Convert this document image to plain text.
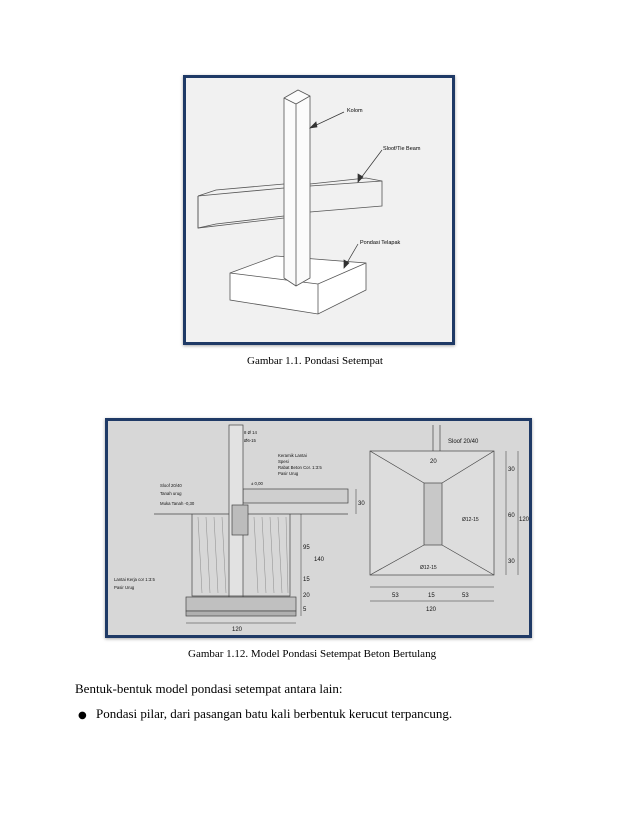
Kolom
Sloof/Tie Beam
Pondasi Telapak
Gambar 1.1. Pondasi Setempat
8 Ø 14
Ø6-15
Sloof 20/40
Tanah urug
Muka Tanah -0,30
Lantai Kerja cor 1:3:5
Pasir Urug
Keramik Lantai
Spesi
Rabat Beton Cor. 1:3:5
Pasir Urug
± 0,00
95
140
15
20
5
30
120
Sloof 20/40
Ø12-15
Ø12-15
20
30
60
30
120
53	15	53
120
Gambar 1.12. Model Pondasi Setempat Beton Bertulang
Bentuk-bentuk model pondasi setempat antara lain:
● Pondasi pilar, dari pasangan batu kali berbentuk kerucut terpancung.
